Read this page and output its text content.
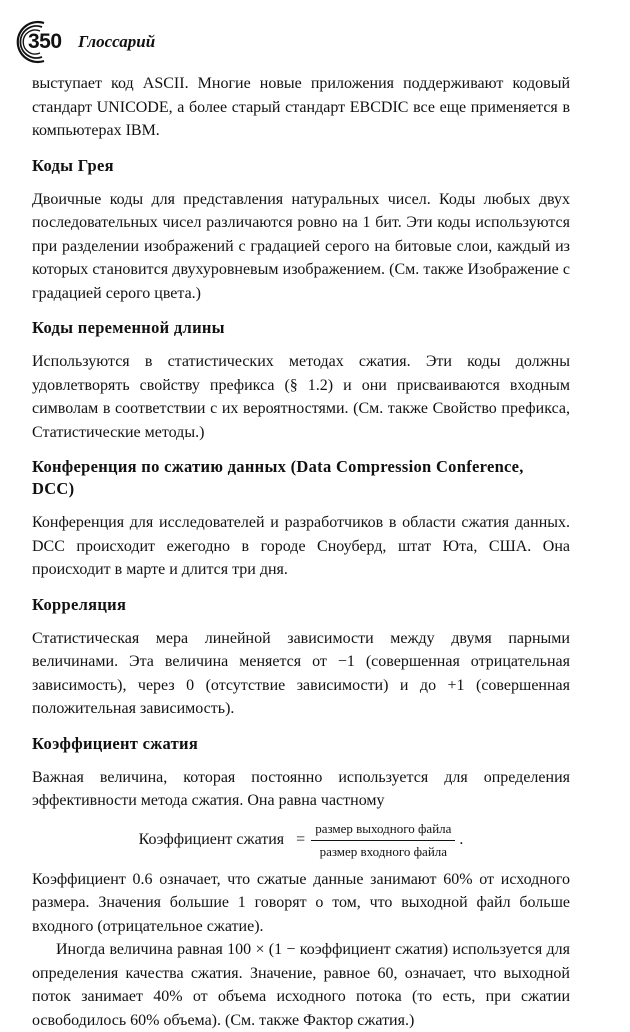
350 Глоссарий

выступает код ASCII. Многие новые приложения поддерживают кодовый стандарт UNICODE, а более старый стандарт EBCDIC все еще применяется в компьютерах IBM.

Коды Грея

Двоичные коды для представления натуральных чисел. Коды любых двух последовательных чисел различаются ровно на 1 бит. Эти коды используются при разделении изображений с градацией серого на битовые слои, каждый из которых становится двухуровневым изображением. (См. также Изображение с градацией серого цвета.)

Коды переменной длины

Используются в статистических методах сжатия. Эти коды должны удовлетворять свойству префикса (§ 1.2) и они присваиваются входным символам в соответствии с их вероятностями. (См. также Свойство префикса, Статистические методы.)

Конференция по сжатию данных (Data Compression Conference, DCC)

Конференция для исследователей и разработчиков в области сжатия данных. DCC происходит ежегодно в городе Сноуберд, штат Юта, США. Она происходит в марте и длится три дня.

Корреляция

Статистическая мера линейной зависимости между двумя парными величинами. Эта величина меняется от −1 (совершенная отрицательная зависимость), через 0 (отсутствие зависимости) и до +1 (совершенная положительная зависимость).

Коэффициент сжатия

Важная величина, которая постоянно используется для определения эффективности метода сжатия. Она равна частному

Коэффициент сжатия = $\frac{\text{размер выходного файла}}{\text{размер входного файла}}$ .

Коэффициент 0.6 означает, что сжатые данные занимают 60% от исходного размера. Значения большие 1 говорят о том, что выходной файл больше входного (отрицательное сжатие).

Иногда величина равная 100 × (1 − коэффициент сжатия) используется для определения качества сжатия. Значение, равное 60, означает, что выходной поток занимает 40% от объема исходного потока (то есть, при сжатии освободилось 60% объема). (См. также Фактор сжатия.)
